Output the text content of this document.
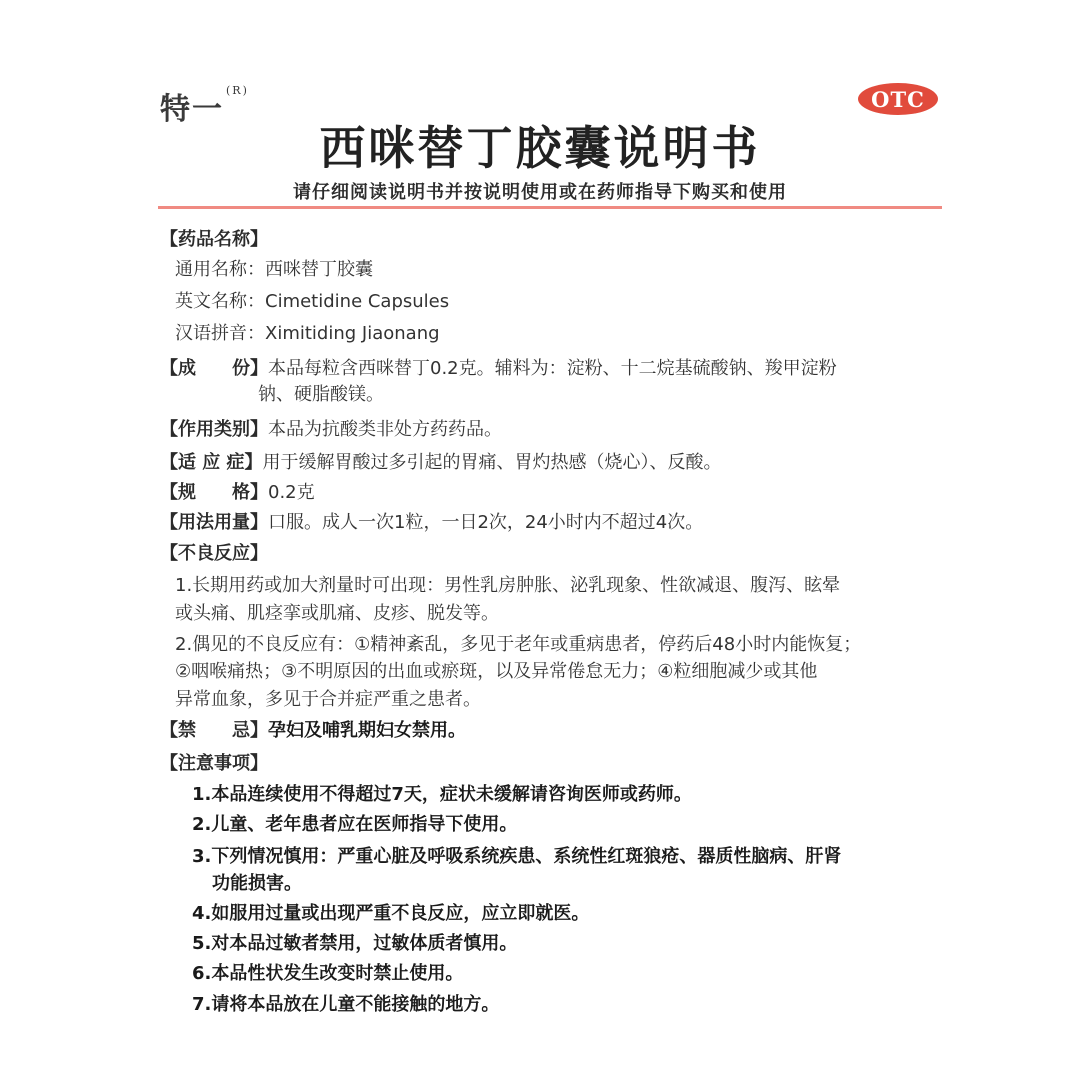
特一$^{(R)}$	OTC
西咪替丁胶囊说明书
请仔细阅读说明书并按说明使用或在药师指导下购买和使用
【药品名称】
通用名称：西咪替丁胶囊
英文名称：Cimetidine Capsules
汉语拼音：Ximitiding Jiaonang
【成　　份】本品每粒含西咪替丁0.2克。辅料为：淀粉、十二烷基硫酸钠、羧甲淀粉
钠、硬脂酸镁。
【作用类别】本品为抗酸类非处方药药品。
【适 应 症】用于缓解胃酸过多引起的胃痛、胃灼热感（烧心）、反酸。
【规　　格】0.2克
【用法用量】口服。成人一次1粒，一日2次，24小时内不超过4次。
【不良反应】
1.长期用药或加大剂量时可出现：男性乳房肿胀、泌乳现象、性欲减退、腹泻、眩晕
或头痛、肌痉挛或肌痛、皮疹、脱发等。
2.偶见的不良反应有：①精神紊乱，多见于老年或重病患者，停药后48小时内能恢复；
②咽喉痛热；③不明原因的出血或瘀斑，以及异常倦怠无力；④粒细胞减少或其他
异常血象，多见于合并症严重之患者。
【禁　　忌】孕妇及哺乳期妇女禁用。
【注意事项】
1.本品连续使用不得超过7天，症状未缓解请咨询医师或药师。
2.儿童、老年患者应在医师指导下使用。
3.下列情况慎用：严重心脏及呼吸系统疾患、系统性红斑狼疮、器质性脑病、肝肾
功能损害。
4.如服用过量或出现严重不良反应，应立即就医。
5.对本品过敏者禁用，过敏体质者慎用。
6.本品性状发生改变时禁止使用。
7.请将本品放在儿童不能接触的地方。
